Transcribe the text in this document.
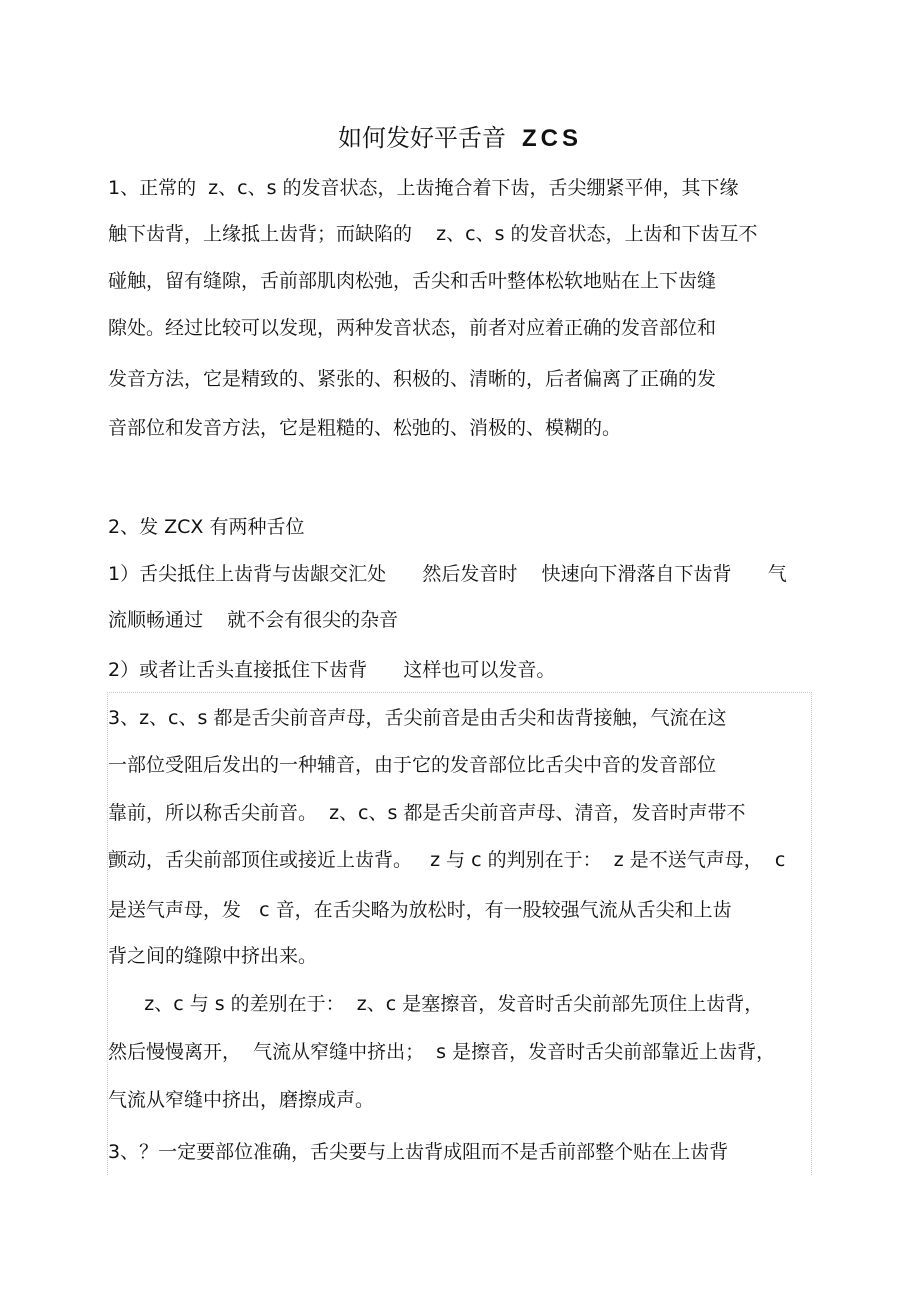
如何发好平舌音 ZCS
1、正常的  z、c、s 的发音状态，上齿掩合着下齿，舌尖绷紧平伸，其下缘
触下齿背，上缘抵上齿背；而缺陷的    z、c、s 的发音状态，上齿和下齿互不
碰触，留有缝隙，舌前部肌肉松弛，舌尖和舌叶整体松软地贴在上下齿缝
隙处。经过比较可以发现，两种发音状态，前者对应着正确的发音部位和
发音方法，它是精致的、紧张的、积极的、清晰的，后者偏离了正确的发
音部位和发音方法，它是粗糙的、松弛的、消极的、模糊的。
2、发 ZCX 有两种舌位
1）舌尖抵住上齿背与齿龈交汇处      然后发音时    快速向下滑落自下齿背      气
流顺畅通过    就不会有很尖的杂音
2）或者让舌头直接抵住下齿背      这样也可以发音。
3、z、c、s 都是舌尖前音声母，舌尖前音是由舌尖和齿背接触，气流在这
一部位受阻后发出的一种辅音，由于它的发音部位比舌尖中音的发音部位
靠前，所以称舌尖前音。  z、c、s 都是舌尖前音声母、清音，发音时声带不
颤动，舌尖前部顶住或接近上齿背。   z 与 c 的判别在于：  z 是不送气声母，  c
是送气声母，发   c 音，在舌尖略为放松时，有一股较强气流从舌尖和上齿
背之间的缝隙中挤出来。
z、c 与 s 的差别在于：  z、c 是塞擦音，发音时舌尖前部先顶住上齿背，
然后慢慢离开，  气流从窄缝中挤出；  s 是擦音，发音时舌尖前部靠近上齿背，
气流从窄缝中挤出，磨擦成声。
3、？一定要部位准确，舌尖要与上齿背成阻而不是舌前部整个贴在上齿背
